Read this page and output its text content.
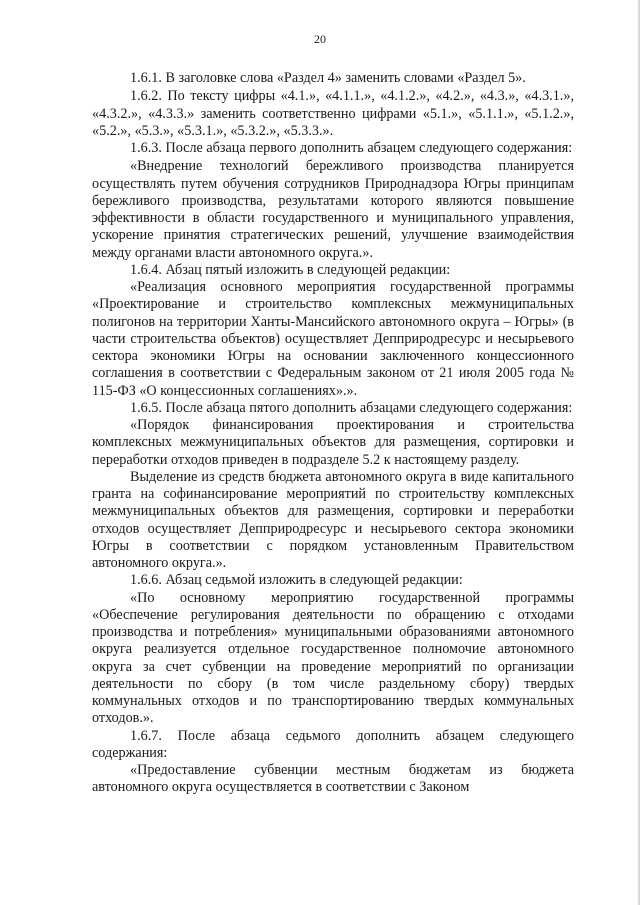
20

1.6.1. В заголовке слова «Раздел 4» заменить словами «Раздел 5».

1.6.2. По тексту цифры «4.1.», «4.1.1.», «4.1.2.», «4.2.», «4.3.», «4.3.1.», «4.3.2.», «4.3.3.» заменить соответственно цифрами «5.1.», «5.1.1.», «5.1.2.», «5.2.», «5.3.», «5.3.1.», «5.3.2.», «5.3.3.».

1.6.3. После абзаца первого дополнить абзацем следующего содержания:

«Внедрение технологий бережливого производства планируется осуществлять путем обучения сотрудников Природнадзора Югры принципам бережливого производства, результатами которого являются повышение эффективности в области государственного и муниципального управления, ускорение принятия стратегических решений, улучшение взаимодействия между органами власти автономного округа.».

1.6.4. Абзац пятый изложить в следующей редакции:

«Реализация основного мероприятия государственной программы «Проектирование и строительство комплексных межмуниципальных полигонов на территории Ханты-Мансийского автономного округа – Югры» (в части строительства объектов) осуществляет Депприродресурс и несырьевого сектора экономики Югры на основании заключенного концессионного соглашения в соответствии с Федеральным законом от 21 июля 2005 года № 115-ФЗ «О концессионных соглашениях».».

1.6.5. После абзаца пятого дополнить абзацами следующего содержания:

«Порядок финансирования проектирования и строительства комплексных межмуниципальных объектов для размещения, сортировки и переработки отходов приведен в подразделе 5.2 к настоящему разделу.

Выделение из средств бюджета автономного округа в виде капитального гранта на софинансирование мероприятий по строительству комплексных межмуниципальных объектов для размещения, сортировки и переработки отходов осуществляет Депприродресурс и несырьевого сектора экономики Югры в соответствии с порядком установленным Правительством автономного округа.».

1.6.6. Абзац седьмой изложить в следующей редакции:

«По основному мероприятию государственной программы «Обеспечение регулирования деятельности по обращению с отходами производства и потребления» муниципальными образованиями автономного округа реализуется отдельное государственное полномочие автономного округа за счет субвенции на проведение мероприятий по организации деятельности по сбору (в том числе раздельному сбору) твердых коммунальных отходов и по транспортированию твердых коммунальных отходов.».

1.6.7. После абзаца седьмого дополнить абзацем следующего содержания:

«Предоставление субвенции местным бюджетам из бюджета автономного округа осуществляется в соответствии с Законом
